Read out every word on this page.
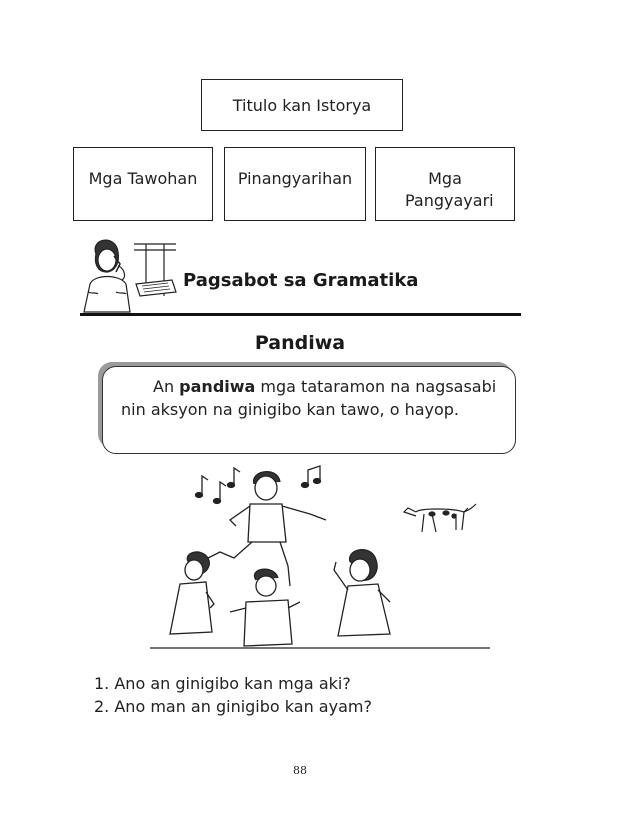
Titulo kan Istorya
Mga Tawohan	Pinangyarihan	Mga Pangyayari
Pagsabot sa Gramatika
Pandiwa
An pandiwa mga tataramon na nagsasabi nin aksyon na ginigibo kan tawo, o hayop.
1. Ano an ginigibo kan mga aki?
2. Ano man an ginigibo kan ayam?
88
